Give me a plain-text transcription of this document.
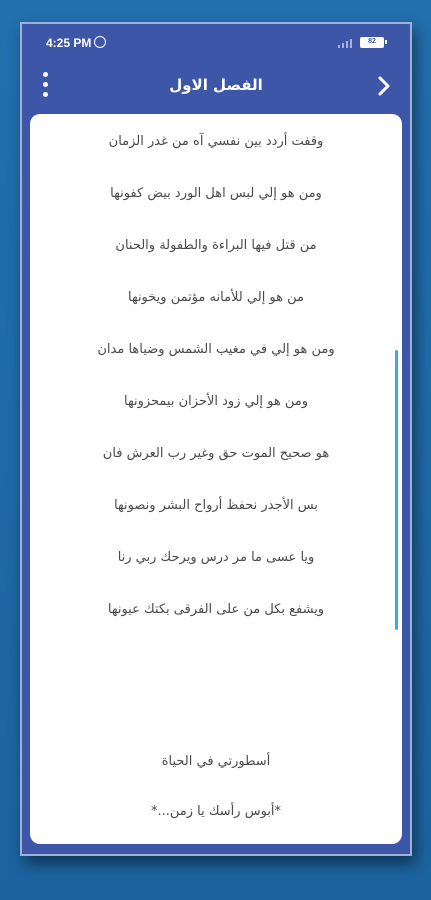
4:25 PM	82
الفصل الاول
وقفت أردد بين نفسي آه من غدر الزمان
ومن هو إلي لبس اهل الورد بيض كفونها
من قتل فيها البراءة والطفولة والحنان
من هو إلي للأمانه مؤتمن ويخونها
ومن هو إلي في مغيب الشمس وضياها مدان
ومن هو إلي زود الأحزان بيمحزونها
هو صحيح الموت حق وغير رب العرش فان
بس الأجدر نحفظ أرواح البشر ونصونها
ويا عسى ما مر درس ويرحك ربي رنا
ويشفع بكل من على الفرقى بكتك عيونها
أسطورتي في الحياة
*أبوس رأسك يا زمن...*
